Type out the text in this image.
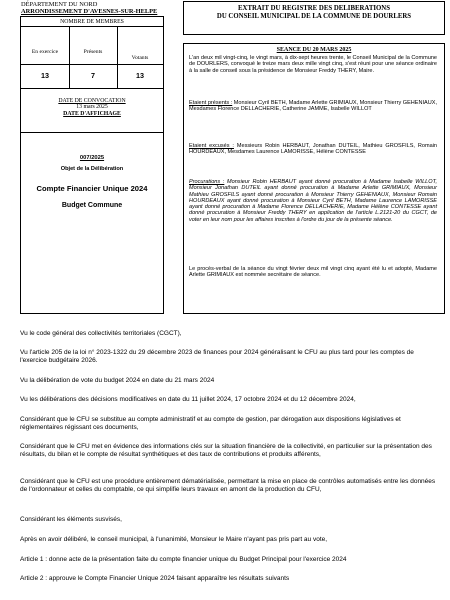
DÉPARTEMENT DU NORD
ARRONDISSEMENT D'AVESNES-SUR-HELPE
NOMBRE DE MEMBRES
En exercice
13
Présents
7
Votants
13
DATE DE CONVOCATION
13 mars 2025
DATE D'AFFICHAGE
007/2025
Objet de la Délibération
Compte Financier Unique 2024
Budget Commune
EXTRAIT DU REGISTRE DES DELIBERATIONS
DU CONSEIL MUNICIPAL DE LA COMMUNE DE DOURLERS
SEANCE DU 20 MARS 2025
L'an deux mil vingt-cinq, le vingt mars, à dix-sept heures trente, le Conseil Municipal de la Commune de DOURLERS, convoqué le treize mars deux mille vingt cinq, s'est réuni pour une séance ordinaire à la salle de conseil sous la présidence de Monsieur Freddy THERY, Maire.
Etaient présents : Monsieur Cyril BETH, Madame Arlette GRIMIAUX, Monsieur Thierry GEHENIAUX, Mesdames Florence DELLACHERIE, Catherine JAMME, Isabelle WILLOT
Etaient excusés : Messieurs Robin HERBAUT, Jonathan DUTEIL, Mathieu GROSFILS, Romain HOURDEAUX, Mesdames Laurence LAMORISSE, Hélène CONTESSE
Procurations : Monsieur Robin HERBAUT ayant donné procuration à Madame Isabelle WILLOT, Monsieur Jonathan DUTEIL ayant donné procuration à Madame Arlette GRIMIAUX, Monsieur Mathieu GROSFILS ayant donné procuration à Monsieur Thierry GEHENIAUX, Monsieur Romain HOURDEAUX ayant donné procuration à Monsieur Cyril BETH, Madame Laurence LAMORISSE ayant donné procuration à Madame Florence DELLACHERIE, Madame Hélène CONTESSE ayant donné procuration à Monsieur Freddy THERY en application de l'article L.2121-20 du CGCT, de voter en leur nom pour les affaires inscrites à l'ordre du jour de la présente séance.
Le procès-verbal de la séance du vingt février deux mil vingt cinq ayant été lu et adopté, Madame Arlette GRIMIAUX est nommée secrétaire de séance.
Vu le code général des collectivités territoriales (CGCT),
Vu l'article 205 de la loi n° 2023-1322 du 29 décembre 2023 de finances pour 2024 généralisant le CFU au plus tard pour les comptes de l'exercice budgétaire 2026.
Vu la délibération de vote du budget 2024 en date du 21 mars 2024
Vu les délibérations des décisions modificatives en date du 11 juillet 2024, 17 octobre 2024 et du 12 décembre 2024,
Considérant que le CFU se substitue au compte administratif et au compte de gestion, par dérogation aux dispositions législatives et réglementaires régissant ces documents,
Considérant que le CFU met en évidence des informations clés sur la situation financière de la collectivité, en particulier sur la présentation des résultats, du bilan et le compte de résultat synthétiques et des taux de contributions et produits afférents,
Considérant que le CFU est une procédure entièrement dématérialisée, permettant la mise en place de contrôles automatisés entre les données de l'ordonnateur et celles du comptable, ce qui simplifie leurs travaux en amont de la production du CFU,
Considérant les éléments susvisés,
Après en avoir délibéré, le conseil municipal, à l'unanimité, Monsieur le Maire n'ayant pas pris part au vote,
Article 1 : donne acte de la présentation faite du compte financier unique du Budget Principal pour l'exercice 2024
Article 2 : approuve le Compte Financier Unique 2024 faisant apparaître les résultats suivants
